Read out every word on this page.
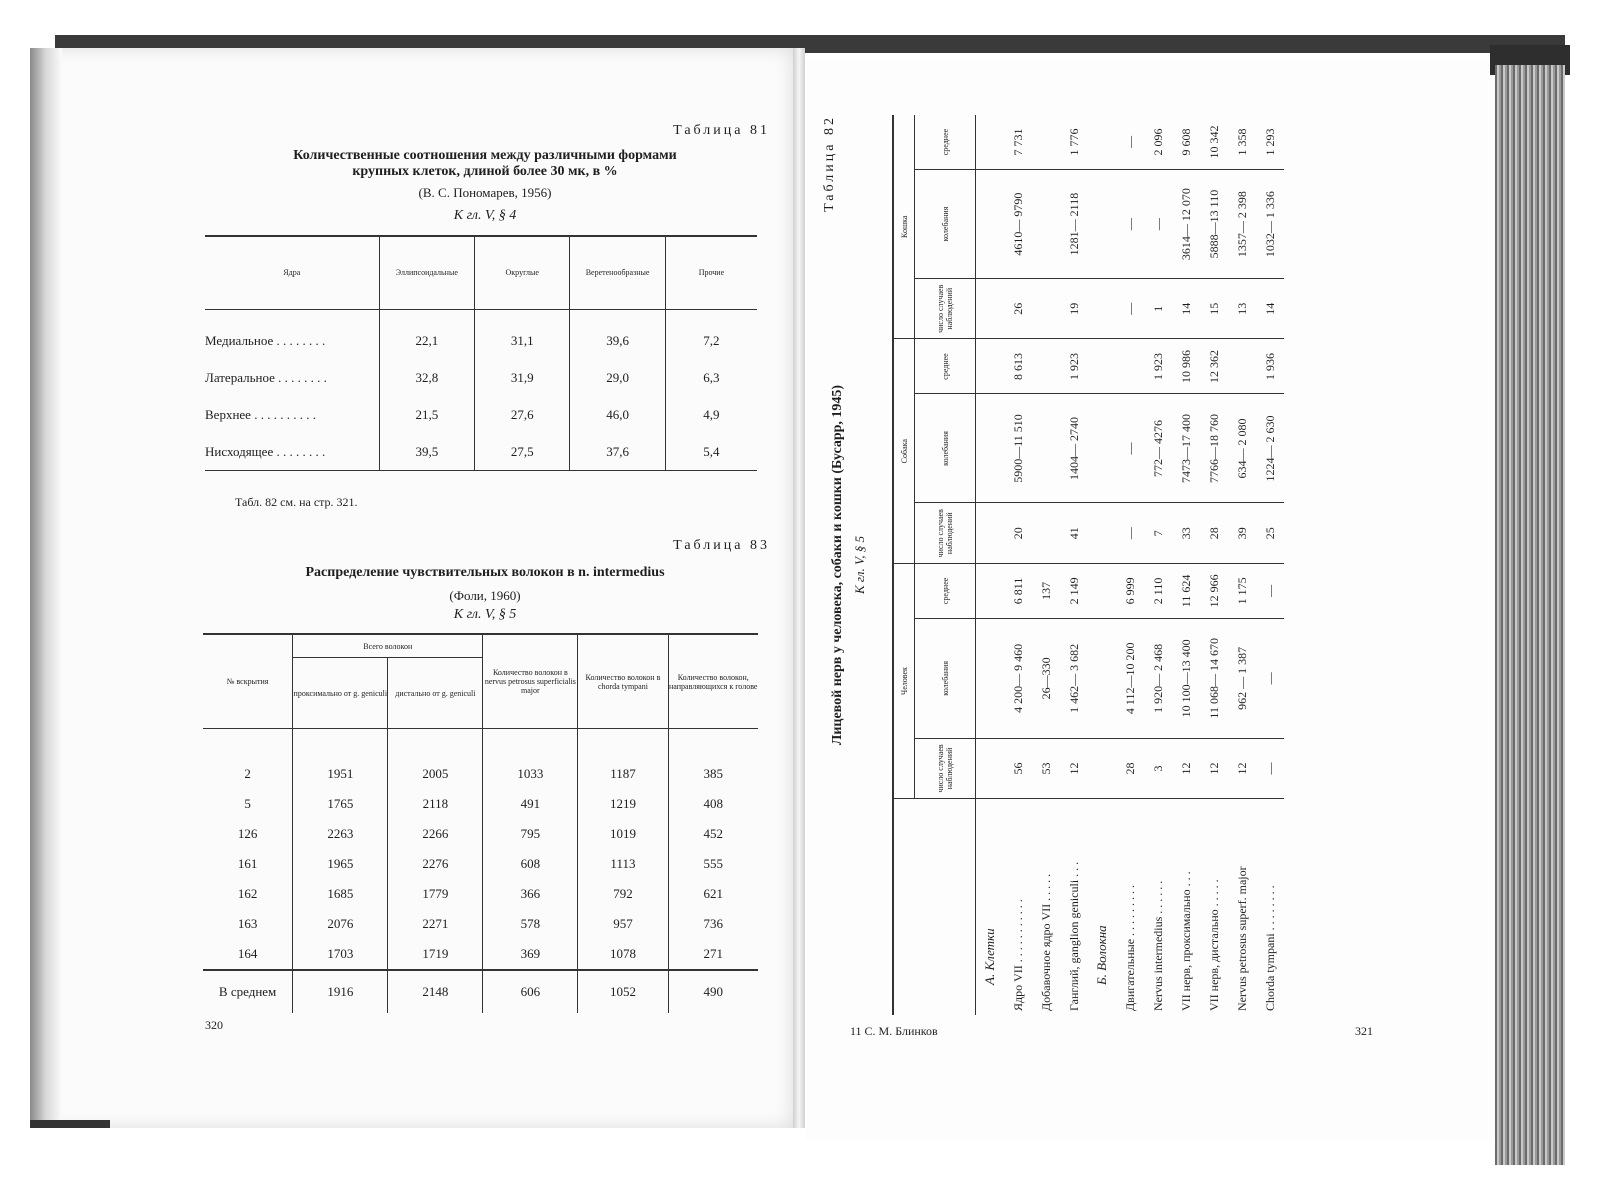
Таблица 81
Количественные соотношения между различными формами
крупных клеток, длиной более 30 мк, в %
(В. С. Пономарев, 1956)
К гл. V, § 4
Ядра	Эллипсоидальные	Округлые	Веретенообразные	Прочие
Медиальное . . . . . . . .	22,1	31,1	39,6	7,2
Латеральное . . . . . . . .	32,8	31,9	29,0	6,3
Верхнее . . . . . . . . . .	21,5	27,6	46,0	4,9
Нисходящее . . . . . . . .	39,5	27,5	37,6	5,4
Табл. 82 см. на стр. 321.
Таблица 83
Распределение чувствительных волокон в n. intermedius
(Фоли, 1960)
К гл. V, § 5
№ вскрытия	Всего волокон		Количество волокон в nervus petrosus superficialis major	Количество волокон в chorda tympani	Количество волокон, направляющихся к голове
	проксимально от g. geniculi	дистально от g. geniculi			

2	1951	2005	1033	1187	385
5	1765	2118	491	1219	408
126	2263	2266	795	1019	452
161	1965	2276	608	1113	555
162	1685	1779	366	792	621
163	2076	2271	578	957	736
164	1703	1719	369	1078	271
В среднем	1916	2148	606	1052	490
320
Таблица 82
Лицевой нерв у человека, собаки и кошки (Бусарр, 1945) К гл. V, § 5
	Человек			Собака			Кошка		
	число случаев наблюдений	колебания	среднее	число случаев наблюдений	колебания	среднее	число случаев наблюдений	колебания	среднее
А. Клетки									
Ядро VII . . . . . . . . . . .	56	4 200— 9 460	6 811	20	5900—11 510	8 613	26	4610— 9790	7 731
Добавочное ядро VII . . . . .	53	26—330	137						
Ганглий, ganglion geniculi . . .	12	1 462— 3 682	2 149	41	1404— 2740	1 923	19	1281— 2118	1 776
Б. Волокна									
Двигательные . . . . . . . . .	28	4 112—10 200	6 999	—	—		—	—	—
Nervus intermedius . . . . . .	3	1 920— 2 468	2 110	7	772— 4276	1 923	1	—	2 096
VII нерв, проксимально . . .	12	10 100—13 400	11 624	33	7473—17 400	10 986	14	3614— 12 070	9 608
VII нерв, дистально . . . . .	12	11 068— 14 670	12 966	28	7766—18 760	12 362	15	5888—13 110	10 342
Nervus petrosus superf. major	12	962 — 1 387	1 175	39	634— 2 080		13	1357— 2 398	1 358
Chorda tympani . . . . . . . .	—	—	—	25	1224— 2 630	1 936	14	1032— 1 336	1 293
11 С. М. Блинков	321
